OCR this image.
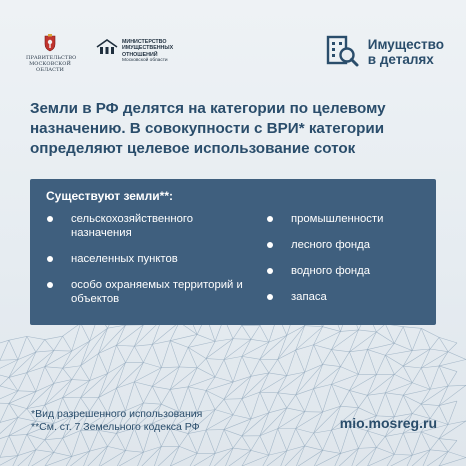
ПРАВИТЕЛЬСТВО
МОСКОВСКОЙ
ОБЛАСТИ
МИНИСТЕРСТВО
ИМУЩЕСТВЕННЫХ
ОТНОШЕНИЙ
Московской области
Имущество
в деталях

Земли в РФ делятся на категории по целевому назначению. В совокупности с ВРИ* категории определяют целевое использование соток

Существуют земли**:
сельскохозяйственного назначения
населенных пунктов
особо охраняемых территорий и объектов
промышленности
лесного фонда
водного фонда
запаса
*Вид разрешенного использования
**См. ст. 7 Земельного кодекса РФ	mio.mosreg.ru
